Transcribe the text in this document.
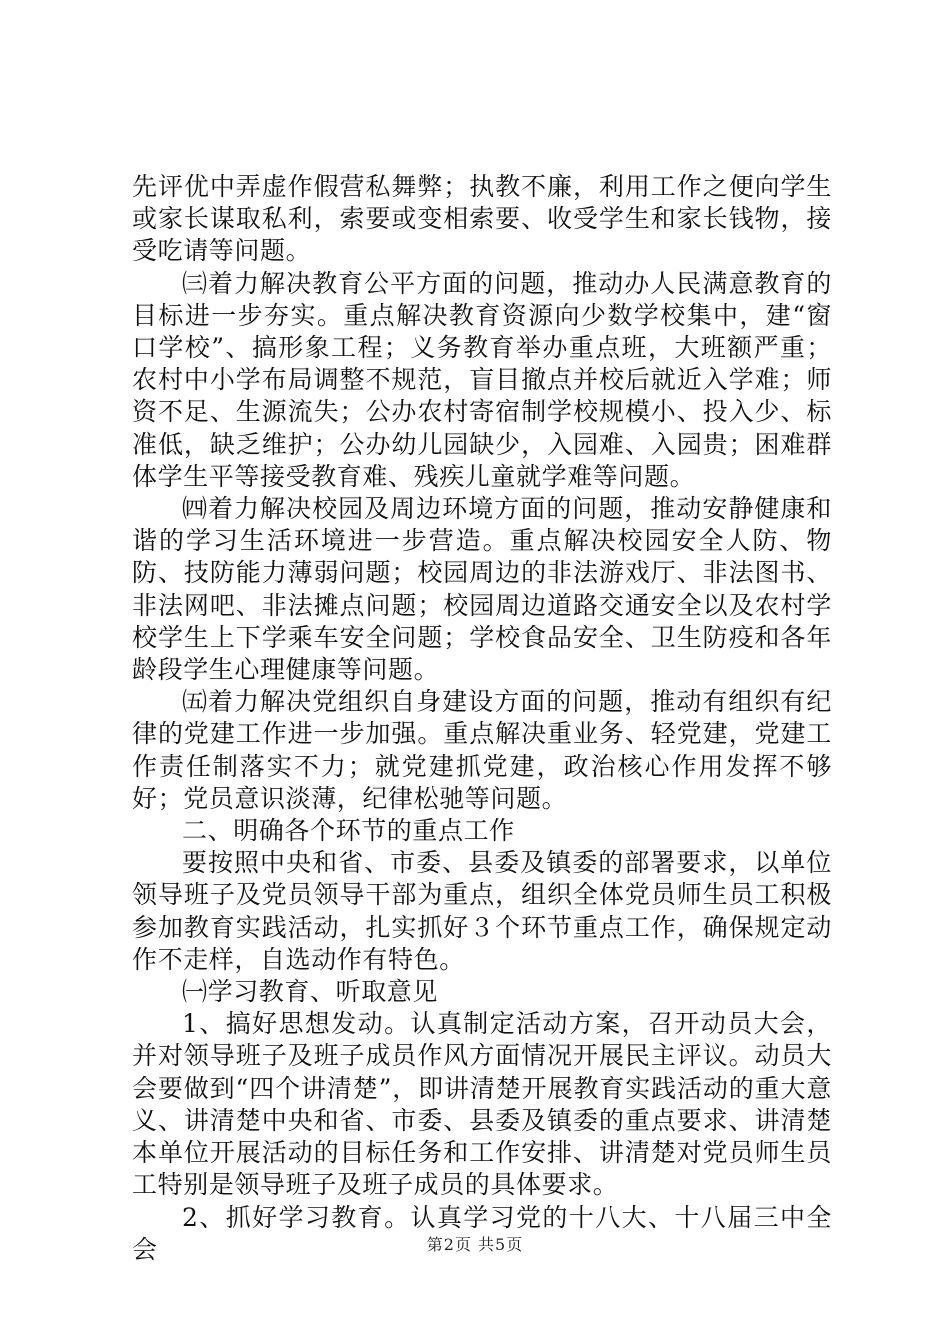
先评优中弄虚作假营私舞弊；执教不廉，利用工作之便向学生或家长谋取私利，索要或变相索要、收受学生和家长钱物，接受吃请等问题。

㈢着力解决教育公平方面的问题，推动办人民满意教育的目标进一步夯实。重点解决教育资源向少数学校集中，建“窗口学校”、搞形象工程；义务教育举办重点班，大班额严重；农村中小学布局调整不规范，盲目撤点并校后就近入学难；师资不足、生源流失；公办农村寄宿制学校规模小、投入少、标准低，缺乏维护；公办幼儿园缺少，入园难、入园贵；困难群体学生平等接受教育难、残疾儿童就学难等问题。

㈣着力解决校园及周边环境方面的问题，推动安静健康和谐的学习生活环境进一步营造。重点解决校园安全人防、物防、技防能力薄弱问题；校园周边的非法游戏厅、非法图书、非法网吧、非法摊点问题；校园周边道路交通安全以及农村学校学生上下学乘车安全问题；学校食品安全、卫生防疫和各年龄段学生心理健康等问题。

㈤着力解决党组织自身建设方面的问题，推动有组织有纪律的党建工作进一步加强。重点解决重业务、轻党建，党建工作责任制落实不力；就党建抓党建，政治核心作用发挥不够好；党员意识淡薄，纪律松驰等问题。

二、明确各个环节的重点工作

要按照中央和省、市委、县委及镇委的部署要求，以单位领导班子及党员领导干部为重点，组织全体党员师生员工积极参加教育实践活动，扎实抓好３个环节重点工作，确保规定动作不走样，自选动作有特色。

㈠学习教育、听取意见

1、搞好思想发动。认真制定活动方案，召开动员大会，并对领导班子及班子成员作风方面情况开展民主评议。动员大会要做到“四个讲清楚”，即讲清楚开展教育实践活动的重大意义、讲清楚中央和省、市委、县委及镇委的重点要求、讲清楚本单位开展活动的目标任务和工作安排、讲清楚对党员师生员工特别是领导班子及班子成员的具体要求。

2、抓好学习教育。认真学习党的十八大、十八届三中全会	第2页 共5页
